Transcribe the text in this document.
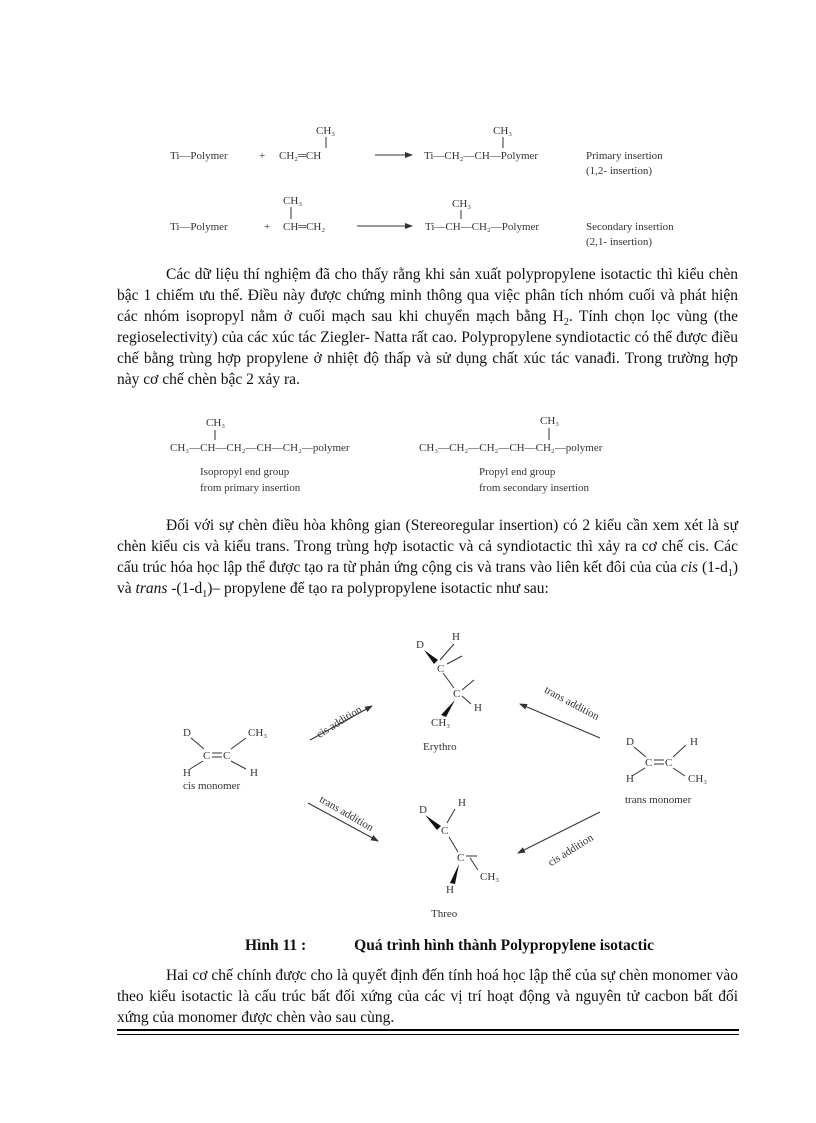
Ti—Polymer	+
CH₃
CH₂═CH
CH₃
Ti—CH₂—CH—Polymer	Primary insertion
(1,2- insertion)
Ti—Polymer	+
CH₃
CH═CH₂
CH₃
Ti—CH—CH₂—Polymer	Secondary insertion
(2,1- insertion)
CH₃
CH₃—CH—CH₂—CH—CH₂—polymer
Isopropyl end group
from primary insertion
CH₃
CH₃—CH₂—CH₂—CH—CH₂—polymer
Propyl end group
from secondary insertion
D
C C
CH₃
H	H
cis monomer
D
C C
H
H	CH₃
trans monomer
D
H
C
C
H
CH₃
Erythro
D
H
C
C
CH₃
H
Threo
cis addition	trans addition
trans addition
cis addition

Các dữ liệu thí nghiệm đã cho thấy rằng khi sản xuất polypropylene isotactic thì kiểu chèn bậc 1 chiếm ưu thế. Điều này được chứng minh thông qua việc phân tích nhóm cuối và phát hiện các nhóm isopropyl nằm ở cuối mạch sau khi chuyển mạch bằng $H_2$. Tính chọn lọc vùng (the regioselectivity) của các xúc tác Ziegler- Natta rất cao. Polypropylene syndiotactic có thể được điều chế bằng trùng hợp propylene ở nhiệt độ thấp và sử dụng chất xúc tác vanađi. Trong trường hợp này cơ chế chèn bậc 2 xảy ra.

Đối với sự chèn điều hòa không gian (Stereoregular insertion) có 2 kiểu cần xem xét là sự chèn kiểu cis và kiểu trans. Trong trùng hợp isotactic và cả syndiotactic thì xảy ra cơ chế cis. Các cấu trúc hóa học lập thể được tạo ra từ phản ứng cộng cis và trans vào liên kết đôi của của cis $(1-d_1)$ và trans $-(1-d_1)-$ propylene để tạo ra polypropylene isotactic như sau:

Hình 11 :	Quá trình hình thành Polypropylene isotactic

Hai cơ chế chính được cho là quyết định đến tính hoá học lập thể của sự chèn monomer vào theo kiểu isotactic là cấu trúc bất đối xứng của các vị trí hoạt động và nguyên tử cacbon bất đối xứng của monomer được chèn vào sau cùng.
